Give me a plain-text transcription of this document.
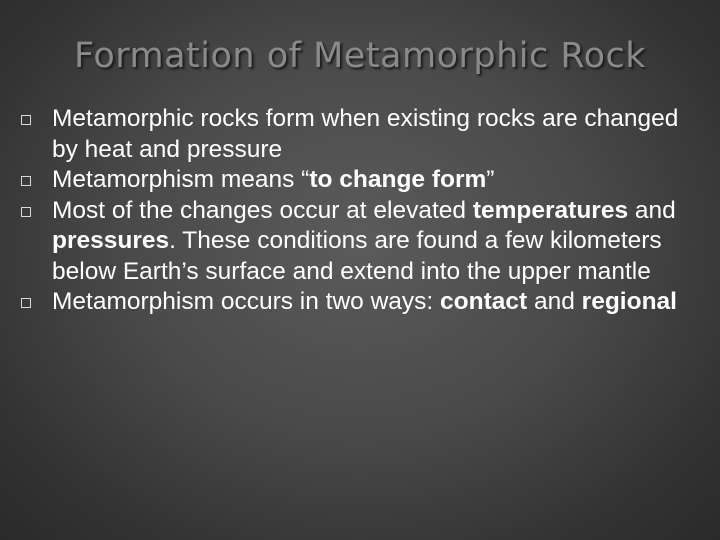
Formation of Metamorphic Rock
Metamorphic rocks form when existing rocks are changed by heat and pressure
Metamorphism means “to change form”
Most of the changes occur at elevated temperatures and pressures. These conditions are found a few kilometers below Earth’s surface and extend into the upper mantle
Metamorphism occurs in two ways: contact and regional
